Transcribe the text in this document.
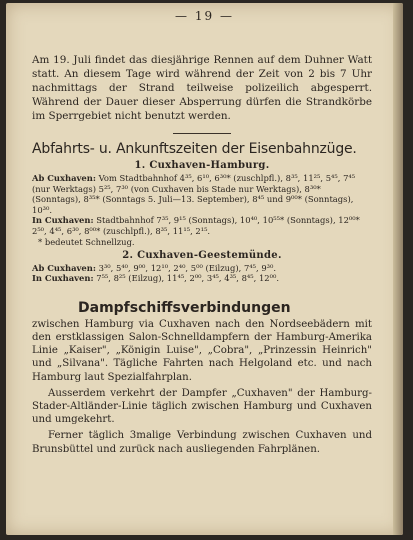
— 19 —

Am 19. Juli findet das diesjährige Rennen auf dem Duhner Watt statt. An diesem Tage wird während der Zeit von 2 bis 7 Uhr nachmittags der Strand teilweise polizeilich abgesperrt. Während der Dauer dieser Absperrung dürfen die Strandkörbe im Sperrgebiet nicht benutzt werden.

Abfahrts- u. Ankunftszeiten der Eisenbahnzüge.
1. Cuxhaven-Hamburg.
Ab Cuxhaven: Vom Stadtbahnhof 4³⁵, 6¹⁰, 6³⁰* (zuschlpfl.), 8³⁵, 11²⁵, 5⁴⁵, 7⁴⁵ (nur Werktags) 5²⁵, 7³⁰ (von Cuxhaven bis Stade nur Werktags), 8³⁰* (Sonntags), 8³⁵* (Sonntags 5. Juli—13. September), 8⁴⁵ und 9⁰⁰* (Sonntags), 10³⁰.
In Cuxhaven: Stadtbahnhof 7³⁵, 9¹⁵ (Sonntags), 10⁴⁰, 10⁵⁵* (Sonntags), 12⁰⁰* 2⁵⁰, 4⁴⁵, 6³⁰, 8⁰⁰* (zuschlpfl.), 8³⁵, 11¹⁵, 2¹⁵.
* bedeutet Schnellzug.
2. Cuxhaven-Geestemünde.
Ab Cuxhaven: 3³⁰, 5⁴⁰, 9⁰⁰, 12¹⁰, 2⁴⁰, 5⁰⁰ (Eilzug), 7⁴⁵, 9³⁰.
In Cuxhaven: 7⁵⁵, 8²⁵ (Eilzug), 11⁴⁵, 2⁰⁰, 3⁴⁵, 4³⁵, 8⁴⁵, 12⁰⁰.
Dampfschiffsverbindungen

zwischen Hamburg via Cuxhaven nach den Nordseebädern mit den erstklassigen Salon-Schnelldampfern der Hamburg-Amerika Linie „Kaiser", „Königin Luise", „Cobra", „Prinzessin Heinrich" und „Silvana". Tägliche Fahrten nach Helgoland etc. und nach Hamburg laut Spezialfahrplan.

Ausserdem verkehrt der Dampfer „Cuxhaven" der Hamburg-Stader-Altländer-Linie täglich zwischen Hamburg und Cuxhaven und umgekehrt.

Ferner täglich 3malige Verbindung zwischen Cuxhaven und Brunsbüttel und zurück nach ausliegenden Fahrplänen.
